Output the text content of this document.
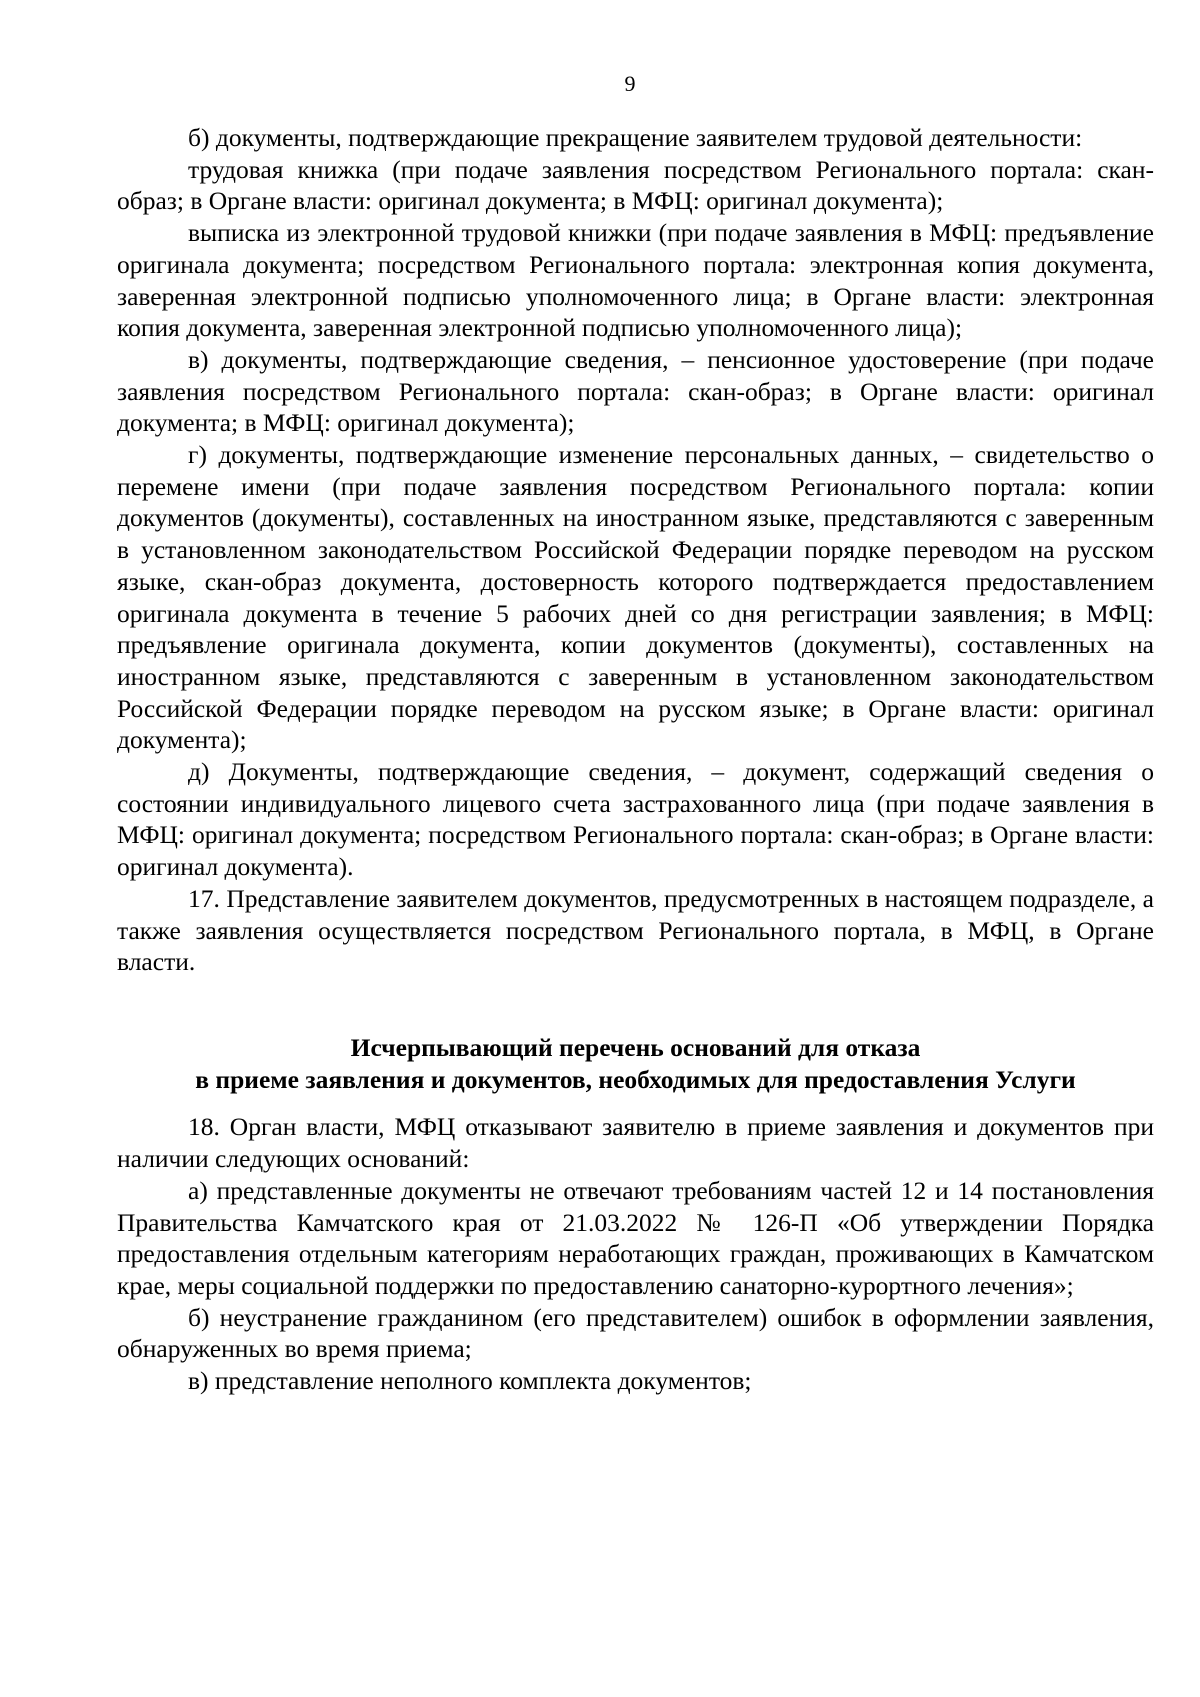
9

б) документы, подтверждающие прекращение заявителем трудовой деятельности:

трудовая книжка (при подаче заявления посредством Регионального портала: скан-образ; в Органе власти: оригинал документа; в МФЦ: оригинал документа);

выписка из электронной трудовой книжки (при подаче заявления в МФЦ: предъявление оригинала документа; посредством Регионального портала: электронная копия документа, заверенная электронной подписью уполномоченного лица; в Органе власти: электронная копия документа, заверенная электронной подписью уполномоченного лица);

в) документы, подтверждающие сведения, – пенсионное удостоверение (при подаче заявления посредством Регионального портала: скан-образ; в Органе власти: оригинал документа; в МФЦ: оригинал документа);

г) документы, подтверждающие изменение персональных данных, – свидетельство о перемене имени (при подаче заявления посредством Регионального портала: копии документов (документы), составленных на иностранном языке, представляются с заверенным в установленном законодательством Российской Федерации порядке переводом на русском языке, скан-образ документа, достоверность которого подтверждается предоставлением оригинала документа в течение 5 рабочих дней со дня регистрации заявления; в МФЦ: предъявление оригинала документа, копии документов (документы), составленных на иностранном языке, представляются с заверенным в установленном законодательством Российской Федерации порядке переводом на русском языке; в Органе власти: оригинал документа);

д) Документы, подтверждающие сведения, – документ, содержащий сведения о состоянии индивидуального лицевого счета застрахованного лица (при подаче заявления в МФЦ: оригинал документа; посредством Регионального портала: скан-образ; в Органе власти: оригинал документа).

17. Представление заявителем документов, предусмотренных в настоящем подразделе, а также заявления осуществляется посредством Регионального портала, в МФЦ, в Органе власти.

Исчерпывающий перечень оснований для отказа
в приеме заявления и документов, необходимых для предоставления Услуги

18. Орган власти, МФЦ отказывают заявителю в приеме заявления и документов при наличии следующих оснований:

а) представленные документы не отвечают требованиям частей 12 и 14 постановления Правительства Камчатского края от 21.03.2022 № 126-П «Об утверждении Порядка предоставления отдельным категориям неработающих граждан, проживающих в Камчатском крае, меры социальной поддержки по предоставлению санаторно-курортного лечения»;

б) неустранение гражданином (его представителем) ошибок в оформлении заявления, обнаруженных во время приема;

в) представление неполного комплекта документов;
